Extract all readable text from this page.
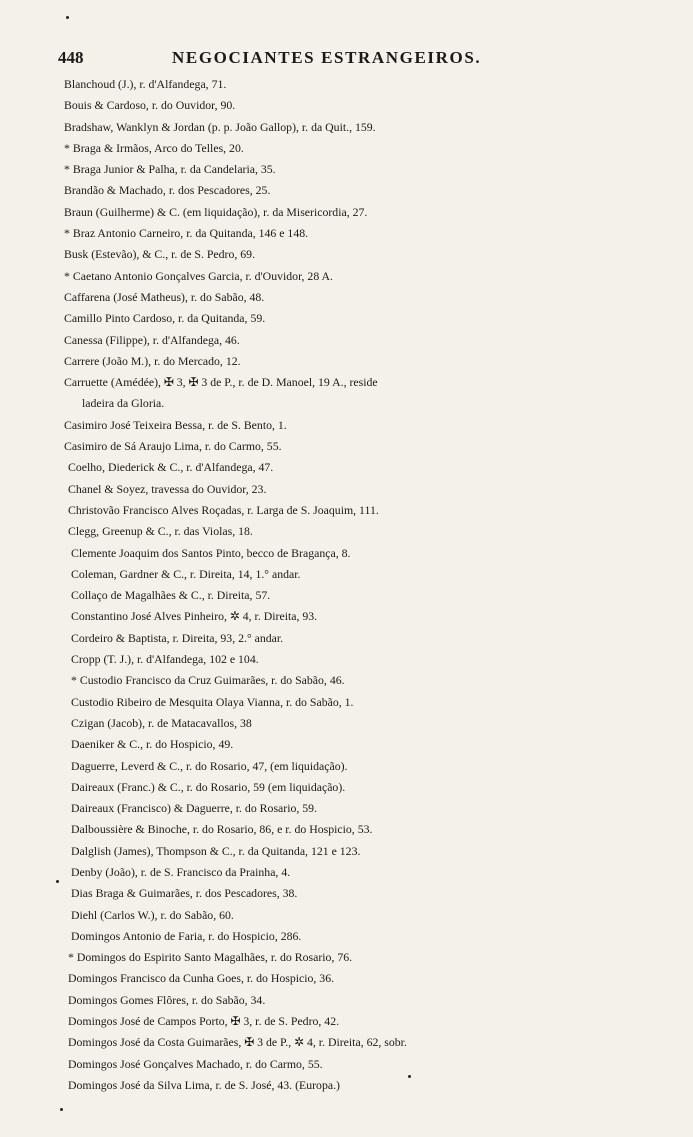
448	NEGOCIANTES ESTRANGEIROS.
Blanchoud (J.), r. d'Alfandega, 71.
Bouis & Cardoso, r. do Ouvidor, 90.
Bradshaw, Wanklyn & Jordan (p. p. João Gallop), r. da Quit., 159.
* Braga & Irmãos, Arco do Telles, 20.
* Braga Junior & Palha, r. da Candelaria, 35.
Brandão & Machado, r. dos Pescadores, 25.
Braun (Guilherme) & C. (em liquidação), r. da Misericordia, 27.
* Braz Antonio Carneiro, r. da Quitanda, 146 e 148.
Busk (Estevão), & C., r. de S. Pedro, 69.
* Caetano Antonio Gonçalves Garcia, r. d'Ouvidor, 28 A.
Caffarena (José Matheus), r. do Sabão, 48.
Camillo Pinto Cardoso, r. da Quitanda, 59.
Canessa (Filippe), r. d'Alfandega, 46.
Carrere (João M.), r. do Mercado, 12.
Carruette (Amédée), ✠ 3, ✠ 3 de P., r. de D. Manoel, 19 A., reside
ladeira da Gloria.
Casimiro José Teixeira Bessa, r. de S. Bento, 1.
Casimiro de Sá Araujo Lima, r. do Carmo, 55.
Coelho, Diederick & C., r. d'Alfandega, 47.
Chanel & Soyez, travessa do Ouvidor, 23.
Christovão Francisco Alves Roçadas, r. Larga de S. Joaquim, 111.
Clegg, Greenup & C., r. das Violas, 18.
Clemente Joaquim dos Santos Pinto, becco de Bragança, 8.
Coleman, Gardner & C., r. Direita, 14, 1.° andar.
Collaço de Magalhães & C., r. Direita, 57.
Constantino José Alves Pinheiro, ✲ 4, r. Direita, 93.
Cordeiro & Baptista, r. Direita, 93, 2.° andar.
Cropp (T. J.), r. d'Alfandega, 102 e 104.
* Custodio Francisco da Cruz Guimarães, r. do Sabão, 46.
Custodio Ribeiro de Mesquita Olaya Vianna, r. do Sabão, 1.
Czigan (Jacob), r. de Matacavallos, 38
Daeniker & C., r. do Hospicio, 49.
Daguerre, Leverd & C., r. do Rosario, 47, (em liquidação).
Daireaux (Franc.) & C., r. do Rosario, 59 (em liquidação).
Daireaux (Francisco) & Daguerre, r. do Rosario, 59.
Dalboussière & Binoche, r. do Rosario, 86, e r. do Hospicio, 53.
Dalglish (James), Thompson & C., r. da Quitanda, 121 e 123.
Denby (João), r. de S. Francisco da Prainha, 4.
Dias Braga & Guimarães, r. dos Pescadores, 38.
Diehl (Carlos W.), r. do Sabão, 60.
Domingos Antonio de Faria, r. do Hospicio, 286.
* Domingos do Espirito Santo Magalhães, r. do Rosario, 76.
Domingos Francisco da Cunha Goes, r. do Hospicio, 36.
Domingos Gomes Flôres, r. do Sabão, 34.
Domingos José de Campos Porto, ✠ 3, r. de S. Pedro, 42.
Domingos José da Costa Guimarães, ✠ 3 de P., ✲ 4, r. Direita, 62, sobr.
Domingos José Gonçalves Machado, r. do Carmo, 55.
Domingos José da Silva Lima, r. de S. José, 43. (Europa.)
